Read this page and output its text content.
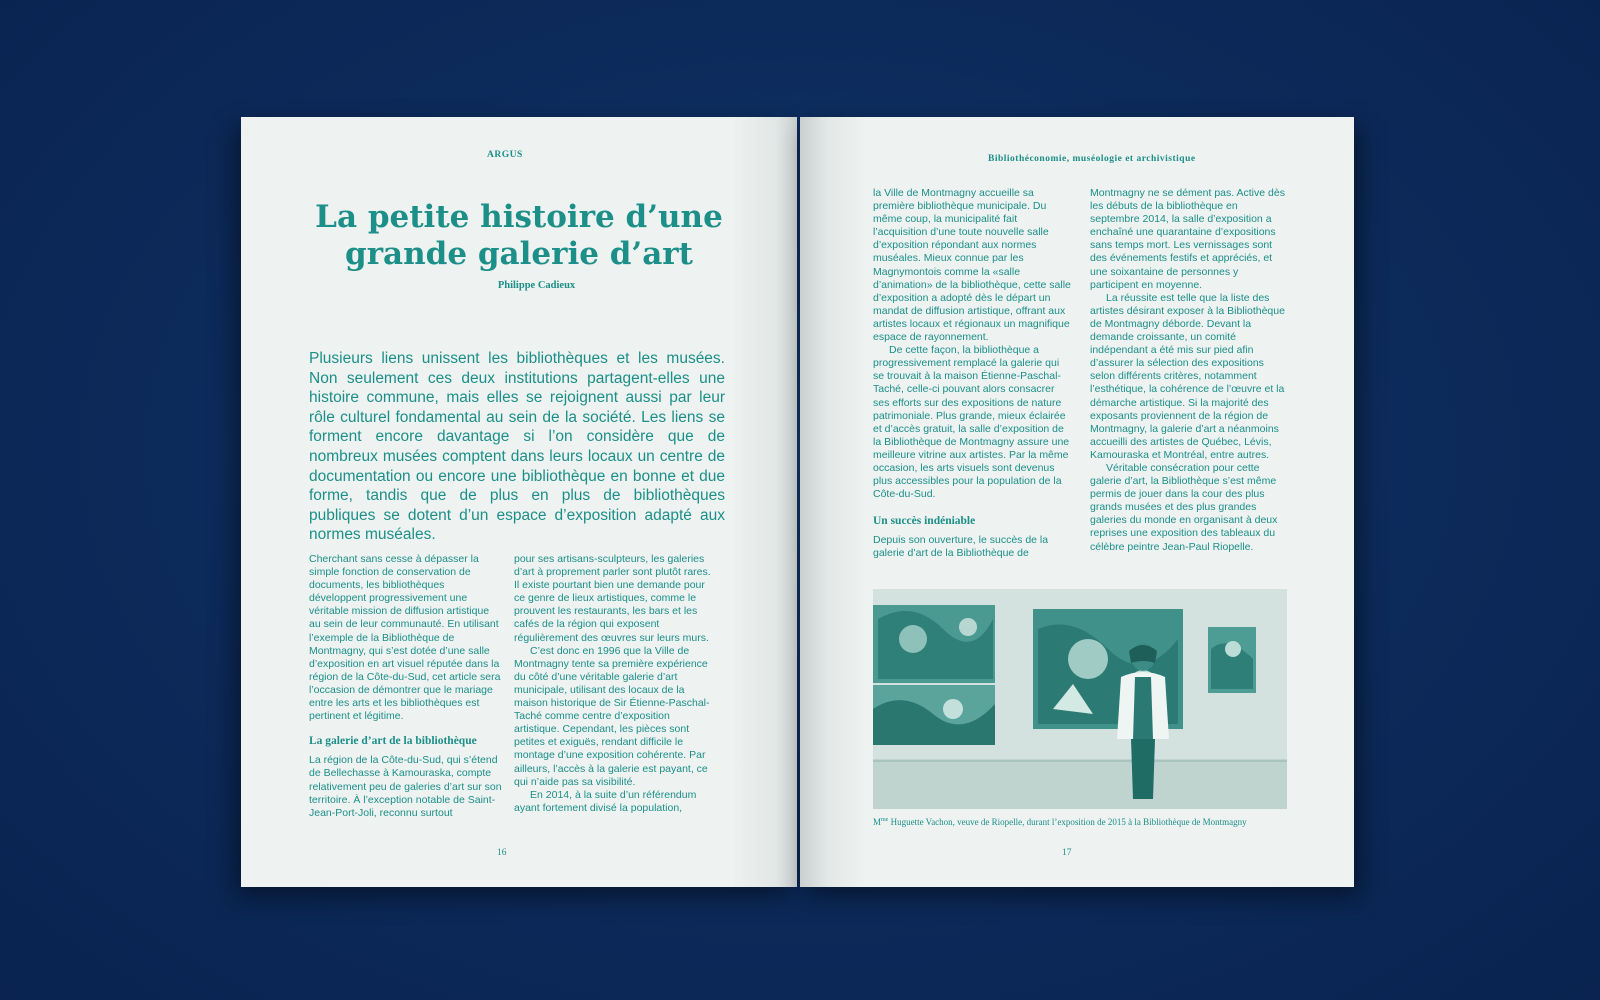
ARGUS
La petite histoire d’une grande galerie d’art
Philippe Cadieux

Plusieurs liens unissent les bibliothèques et les musées. Non seulement ces deux institutions partagent-elles une histoire commune, mais elles se rejoignent aussi par leur rôle culturel fondamental au sein de la société. Les liens se forment encore davantage si l’on considère que de nombreux musées comptent dans leurs locaux un centre de documentation ou encore une bibliothèque en bonne et due forme, tandis que de plus en plus de bibliothèques publiques se dotent d’un espace d’exposition adapté aux normes muséales.

Cherchant sans cesse à dépasser la simple fonction de conservation de documents, les bibliothèques développent progressivement une véritable mission de diffusion artistique au sein de leur communauté. En utilisant l’exemple de la Bibliothèque de Montmagny, qui s’est dotée d’une salle d’exposition en art visuel réputée dans la région de la Côte-du-Sud, cet article sera l’occasion de démontrer que le mariage entre les arts et les bibliothèques est pertinent et légitime.

La galerie d’art de la bibliothèque

La région de la Côte-du-Sud, qui s’étend de Bellechasse à Kamouraska, compte relativement peu de galeries d’art sur son territoire. À l’exception notable de Saint-Jean-Port-Joli, reconnu surtout

pour ses artisans-sculpteurs, les galeries d’art à proprement parler sont plutôt rares. Il existe pourtant bien une demande pour ce genre de lieux artistiques, comme le prouvent les restaurants, les bars et les cafés de la région qui exposent régulièrement des œuvres sur leurs murs.

C’est donc en 1996 que la Ville de Montmagny tente sa première expérience du côté d’une véritable galerie d’art municipale, utilisant des locaux de la maison historique de Sir Étienne-Paschal-Taché comme centre d’exposition artistique. Cependant, les pièces sont petites et exiguës, rendant difficile le montage d’une exposition cohérente. Par ailleurs, l’accès à la galerie est payant, ce qui n’aide pas sa visibilité.

En 2014, à la suite d’un référendum ayant fortement divisé la population,

16
Bibliothéconomie, muséologie et archivistique

la Ville de Montmagny accueille sa première bibliothèque municipale. Du même coup, la municipalité fait l’acquisition d’une toute nouvelle salle d’exposition répondant aux normes muséales. Mieux connue par les Magnymontois comme la «salle d’animation» de la bibliothèque, cette salle d’exposition a adopté dès le départ un mandat de diffusion artistique, offrant aux artistes locaux et régionaux un magnifique espace de rayonnement.

De cette façon, la bibliothèque a progressivement remplacé la galerie qui se trouvait à la maison Étienne-Paschal-Taché, celle-ci pouvant alors consacrer ses efforts sur des expositions de nature patrimoniale. Plus grande, mieux éclairée et d’accès gratuit, la salle d’exposition de la Bibliothèque de Montmagny assure une meilleure vitrine aux artistes. Par la même occasion, les arts visuels sont devenus plus accessibles pour la population de la Côte-du-Sud.

Un succès indéniable

Depuis son ouverture, le succès de la galerie d’art de la Bibliothèque de

Montmagny ne se dément pas. Active dès les débuts de la bibliothèque en septembre 2014, la salle d’exposition a enchaîné une quarantaine d’expositions sans temps mort. Les vernissages sont des événements festifs et appréciés, et une soixantaine de personnes y participent en moyenne.

La réussite est telle que la liste des artistes désirant exposer à la Bibliothèque de Montmagny déborde. Devant la demande croissante, un comité indépendant a été mis sur pied afin d’assurer la sélection des expositions selon différents critères, notamment l’esthétique, la cohérence de l’œuvre et la démarche artistique. Si la majorité des exposants proviennent de la région de Montmagny, la galerie d’art a néanmoins accueilli des artistes de Québec, Lévis, Kamouraska et Montréal, entre autres.

Véritable consécration pour cette galerie d’art, la Bibliothèque s’est même permis de jouer dans la cour des plus grands musées et des plus grandes galeries du monde en organisant à deux reprises une exposition des tableaux du célèbre peintre Jean-Paul Riopelle.

$M^{me}$ Huguette Vachon, veuve de Riopelle, durant l’exposition de 2015 à la Bibliothèque de Montmagny
17
